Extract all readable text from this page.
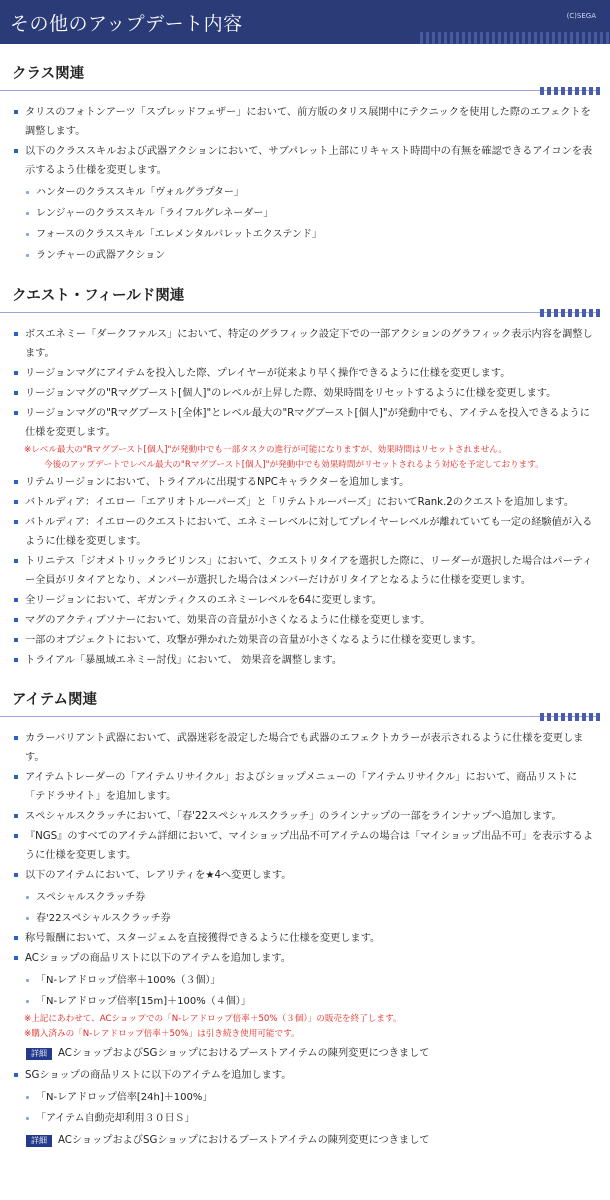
その他のアップデート内容	(C)SEGA
クラス関連
タリスのフォトンアーツ「スプレッドフェザー」において、前方版のタリス展開中にテクニックを使用した際のエフェクトを調整します。
以下のクラススキルおよび武器アクションにおいて、サブパレット上部にリキャスト時間中の有無を確認できるアイコンを表示するよう仕様を変更します。
ハンターのクラススキル「ヴォルグラプター」
レンジャーのクラススキル「ライフルグレネーダー」
フォースのクラススキル「エレメンタルバレットエクステンド」
ランチャーの武器アクション
クエスト・フィールド関連
ボスエネミー「ダークファルス」において、特定のグラフィック設定下での一部アクションのグラフィック表示内容を調整します。
リージョンマグにアイテムを投入した際、プレイヤーが従来より早く操作できるように仕様を変更します。
リージョンマグの"Rマグブースト[個人]"のレベルが上昇した際、効果時間をリセットするように仕様を変更します。
リージョンマグの"Rマグブースト[全体]"とレベル最大の"Rマグブースト[個人]"が発動中でも、アイテムを投入できるように仕様を変更します。
※レベル最大の"Rマグブースト[個人]"が発動中でも一部タスクの進行が可能になりますが、効果時間はリセットされません。
今後のアップデートでレベル最大の"Rマグブースト[個人]"が発動中でも効果時間がリセットされるよう対応を予定しております。
リテムリージョンにおいて、トライアルに出現するNPCキャラクターを追加します。
バトルディア：イエロー「エアリオトルーパーズ」と「リテムトルーパーズ」においてRank.2のクエストを追加します。
バトルディア：イエローのクエストにおいて、エネミーレベルに対してプレイヤーレベルが離れていても一定の経験値が入るように仕様を変更します。
トリニテス「ジオメトリックラビリンス」において、クエストリタイアを選択した際に、リーダーが選択した場合はパーティー全員がリタイアとなり、メンバーが選択した場合はメンバーだけがリタイアとなるように仕様を変更します。
全リージョンにおいて、ギガンティクスのエネミーレベルを64に変更します。
マグのアクティブソナーにおいて、効果音の音量が小さくなるように仕様を変更します。
一部のオブジェクトにおいて、攻撃が弾かれた効果音の音量が小さくなるように仕様を変更します。
トライアル「暴風域エネミー討伐」において、 効果音を調整します。
アイテム関連
カラーバリアント武器において、武器迷彩を設定した場合でも武器のエフェクトカラーが表示されるように仕様を変更します。
アイテムトレーダーの「アイテムリサイクル」およびショップメニューの「アイテムリサイクル」において、商品リストに「テドラサイト」を追加します。
スペシャルスクラッチにおいて、「春'22スペシャルスクラッチ」のラインナップの一部をラインナップへ追加します。
『NGS』のすべてのアイテム詳細において、マイショップ出品不可アイテムの場合は「マイショップ出品不可」を表示するように仕様を変更します。
以下のアイテムにおいて、レアリティを★4へ変更します。
スペシャルスクラッチ券
春'22スペシャルスクラッチ券
称号報酬において、スタージェムを直接獲得できるように仕様を変更します。
ACショップの商品リストに以下のアイテムを追加します。
「N-レアドロップ倍率＋100%（３個）」
「N-レアドロップ倍率[15m]＋100%（４個）」
※上記にあわせて、ACショップでの「N-レアドロップ倍率＋50%（３個）」の販売を終了します。
※購入済みの「N-レアドロップ倍率＋50%」は引き続き使用可能です。
詳細	ACショップおよびSGショップにおけるブーストアイテムの陳列変更につきまして
SGショップの商品リストに以下のアイテムを追加します。
「N-レアドロップ倍率[24h]＋100%」
「アイテム自動売却利用３０日Ｓ」
詳細	ACショップおよびSGショップにおけるブーストアイテムの陳列変更につきまして
